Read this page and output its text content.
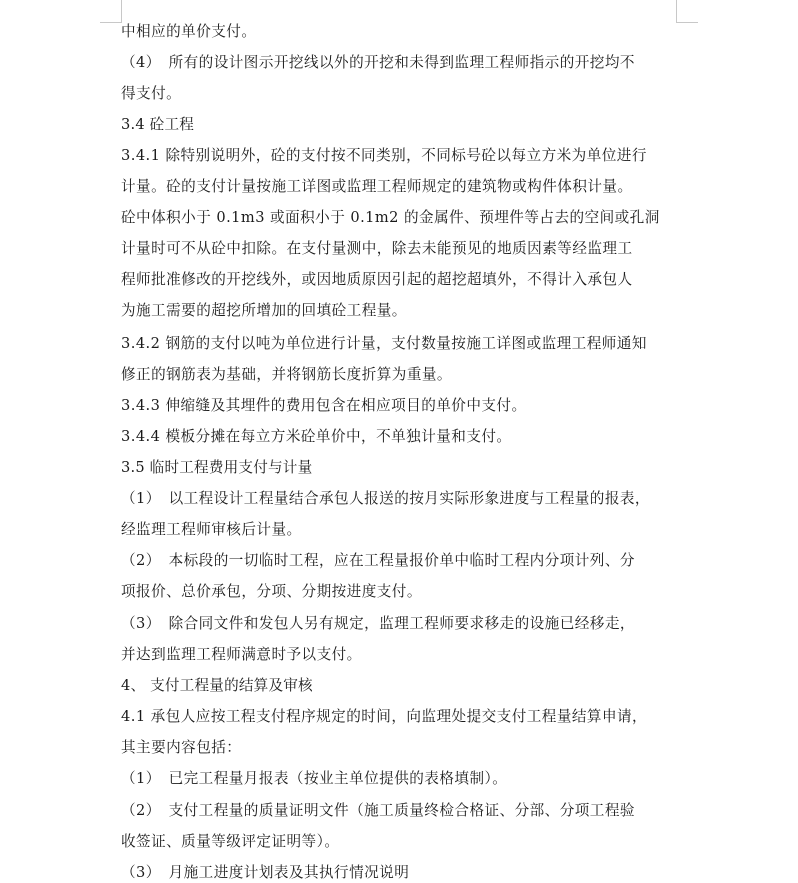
中相应的单价支付。
（4）　所有的设计图示开挖线以外的开挖和未得到监理工程师指示的开挖均不
得支付。
3.4 砼工程
3.4.1 除特别说明外，砼的支付按不同类别，不同标号砼以每立方米为单位进行
计量。砼的支付计量按施工详图或监理工程师规定的建筑物或构件体积计量。
砼中体积小于 0.1m3 或面积小于 0.1m2 的金属件、预埋件等占去的空间或孔洞
计量时可不从砼中扣除。在支付量测中，除去未能预见的地质因素等经监理工
程师批准修改的开挖线外，或因地质原因引起的超挖超填外，不得计入承包人
为施工需要的超挖所增加的回填砼工程量。
3.4.2 钢筋的支付以吨为单位进行计量，支付数量按施工详图或监理工程师通知
修正的钢筋表为基础，并将钢筋长度折算为重量。
3.4.3 伸缩缝及其埋件的费用包含在相应项目的单价中支付。
3.4.4 模板分摊在每立方米砼单价中，不单独计量和支付。
3.5 临时工程费用支付与计量
（1）　以工程设计工程量结合承包人报送的按月实际形象进度与工程量的报表，
经监理工程师审核后计量。
（2）　本标段的一切临时工程，应在工程量报价单中临时工程内分项计列、分
项报价、总价承包，分项、分期按进度支付。
（3）　除合同文件和发包人另有规定，监理工程师要求移走的设施已经移走，
并达到监理工程师满意时予以支付。
4、 支付工程量的结算及审核
4.1 承包人应按工程支付程序规定的时间，向监理处提交支付工程量结算申请，
其主要内容包括：
（1）　已完工程量月报表（按业主单位提供的表格填制）。
（2）　支付工程量的质量证明文件（施工质量终检合格证、分部、分项工程验
收签证、质量等级评定证明等）。
（3）　月施工进度计划表及其执行情况说明
